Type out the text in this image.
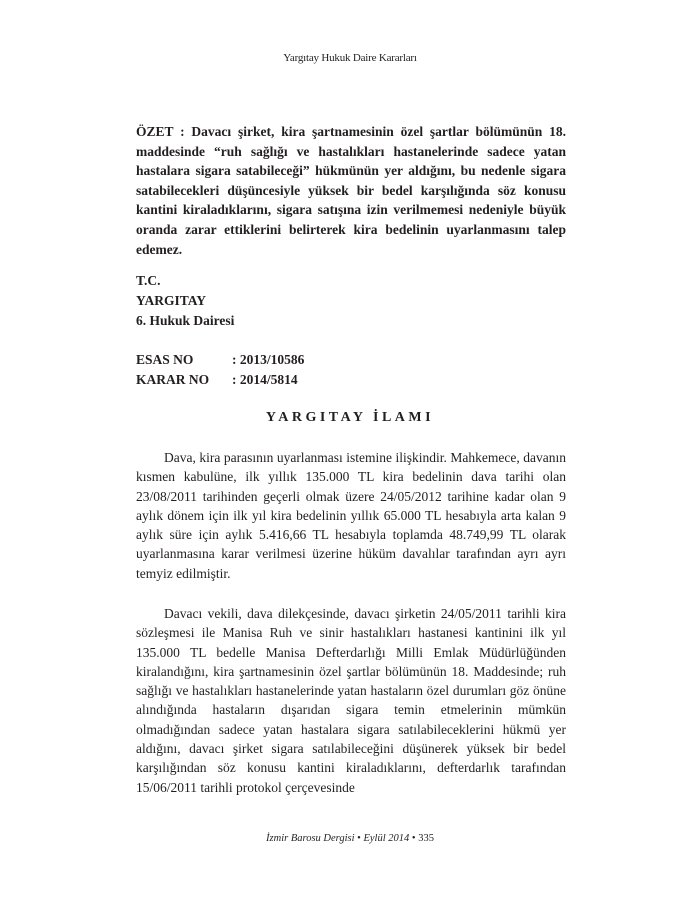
Yargıtay Hukuk Daire Kararları
ÖZET : Davacı şirket, kira şartnamesinin özel şartlar bölümünün 18. maddesinde “ruh sağlığı ve hastalıkları hastanelerinde sadece yatan hastalara sigara satabileceği” hükmünün yer aldığını, bu nedenle sigara satabilecekleri düşüncesiyle yüksek bir bedel karşılığında söz konusu kantini kiraladıklarını, sigara satışına izin verilmemesi nedeniyle büyük oranda zarar ettiklerini belirterek kira bedelinin uyarlanmasını talep edemez.
T.C.
YARGITAY
6. Hukuk Dairesi
ESAS NO	: 2013/10586
KARAR NO	: 2014/5814
YARGITAY İLAMI
Dava, kira parasının uyarlanması istemine ilişkindir. Mahkemece, davanın kısmen kabulüne, ilk yıllık 135.000 TL kira bedelinin dava tarihi olan 23/08/2011 tarihinden geçerli olmak üzere 24/05/2012 tarihine kadar olan 9 aylık dönem için ilk yıl kira bedelinin yıllık 65.000 TL hesabıyla arta kalan 9 aylık süre için aylık 5.416,66 TL hesabıyla toplamda 48.749,99 TL olarak uyarlanmasına karar verilmesi üzerine hüküm davalılar tarafından ayrı ayrı temyiz edilmiştir.
Davacı vekili, dava dilekçesinde, davacı şirketin 24/05/2011 tarihli kira sözleşmesi ile Manisa Ruh ve sinir hastalıkları hastanesi kantinini ilk yıl 135.000 TL bedelle Manisa Defterdarlığı Milli Emlak Müdürlüğünden kiralandığını, kira şartnamesinin özel şartlar bölümünün 18. Maddesinde; ruh sağlığı ve hastalıkları hastanelerinde yatan hastaların özel durumları göz önüne alındığında hastaların dışarıdan sigara temin etmelerinin mümkün olmadığından sadece yatan hastalara sigara satılabileceklerini hükmü yer aldığını, davacı şirket sigara satılabileceğini düşünerek yüksek bir bedel karşılığından söz konusu kantini kiraladıklarını, defterdarlık tarafından 15/06/2011 tarihli protokol çerçevesinde
İzmir Barosu Dergisi • Eylül 2014 • 335
